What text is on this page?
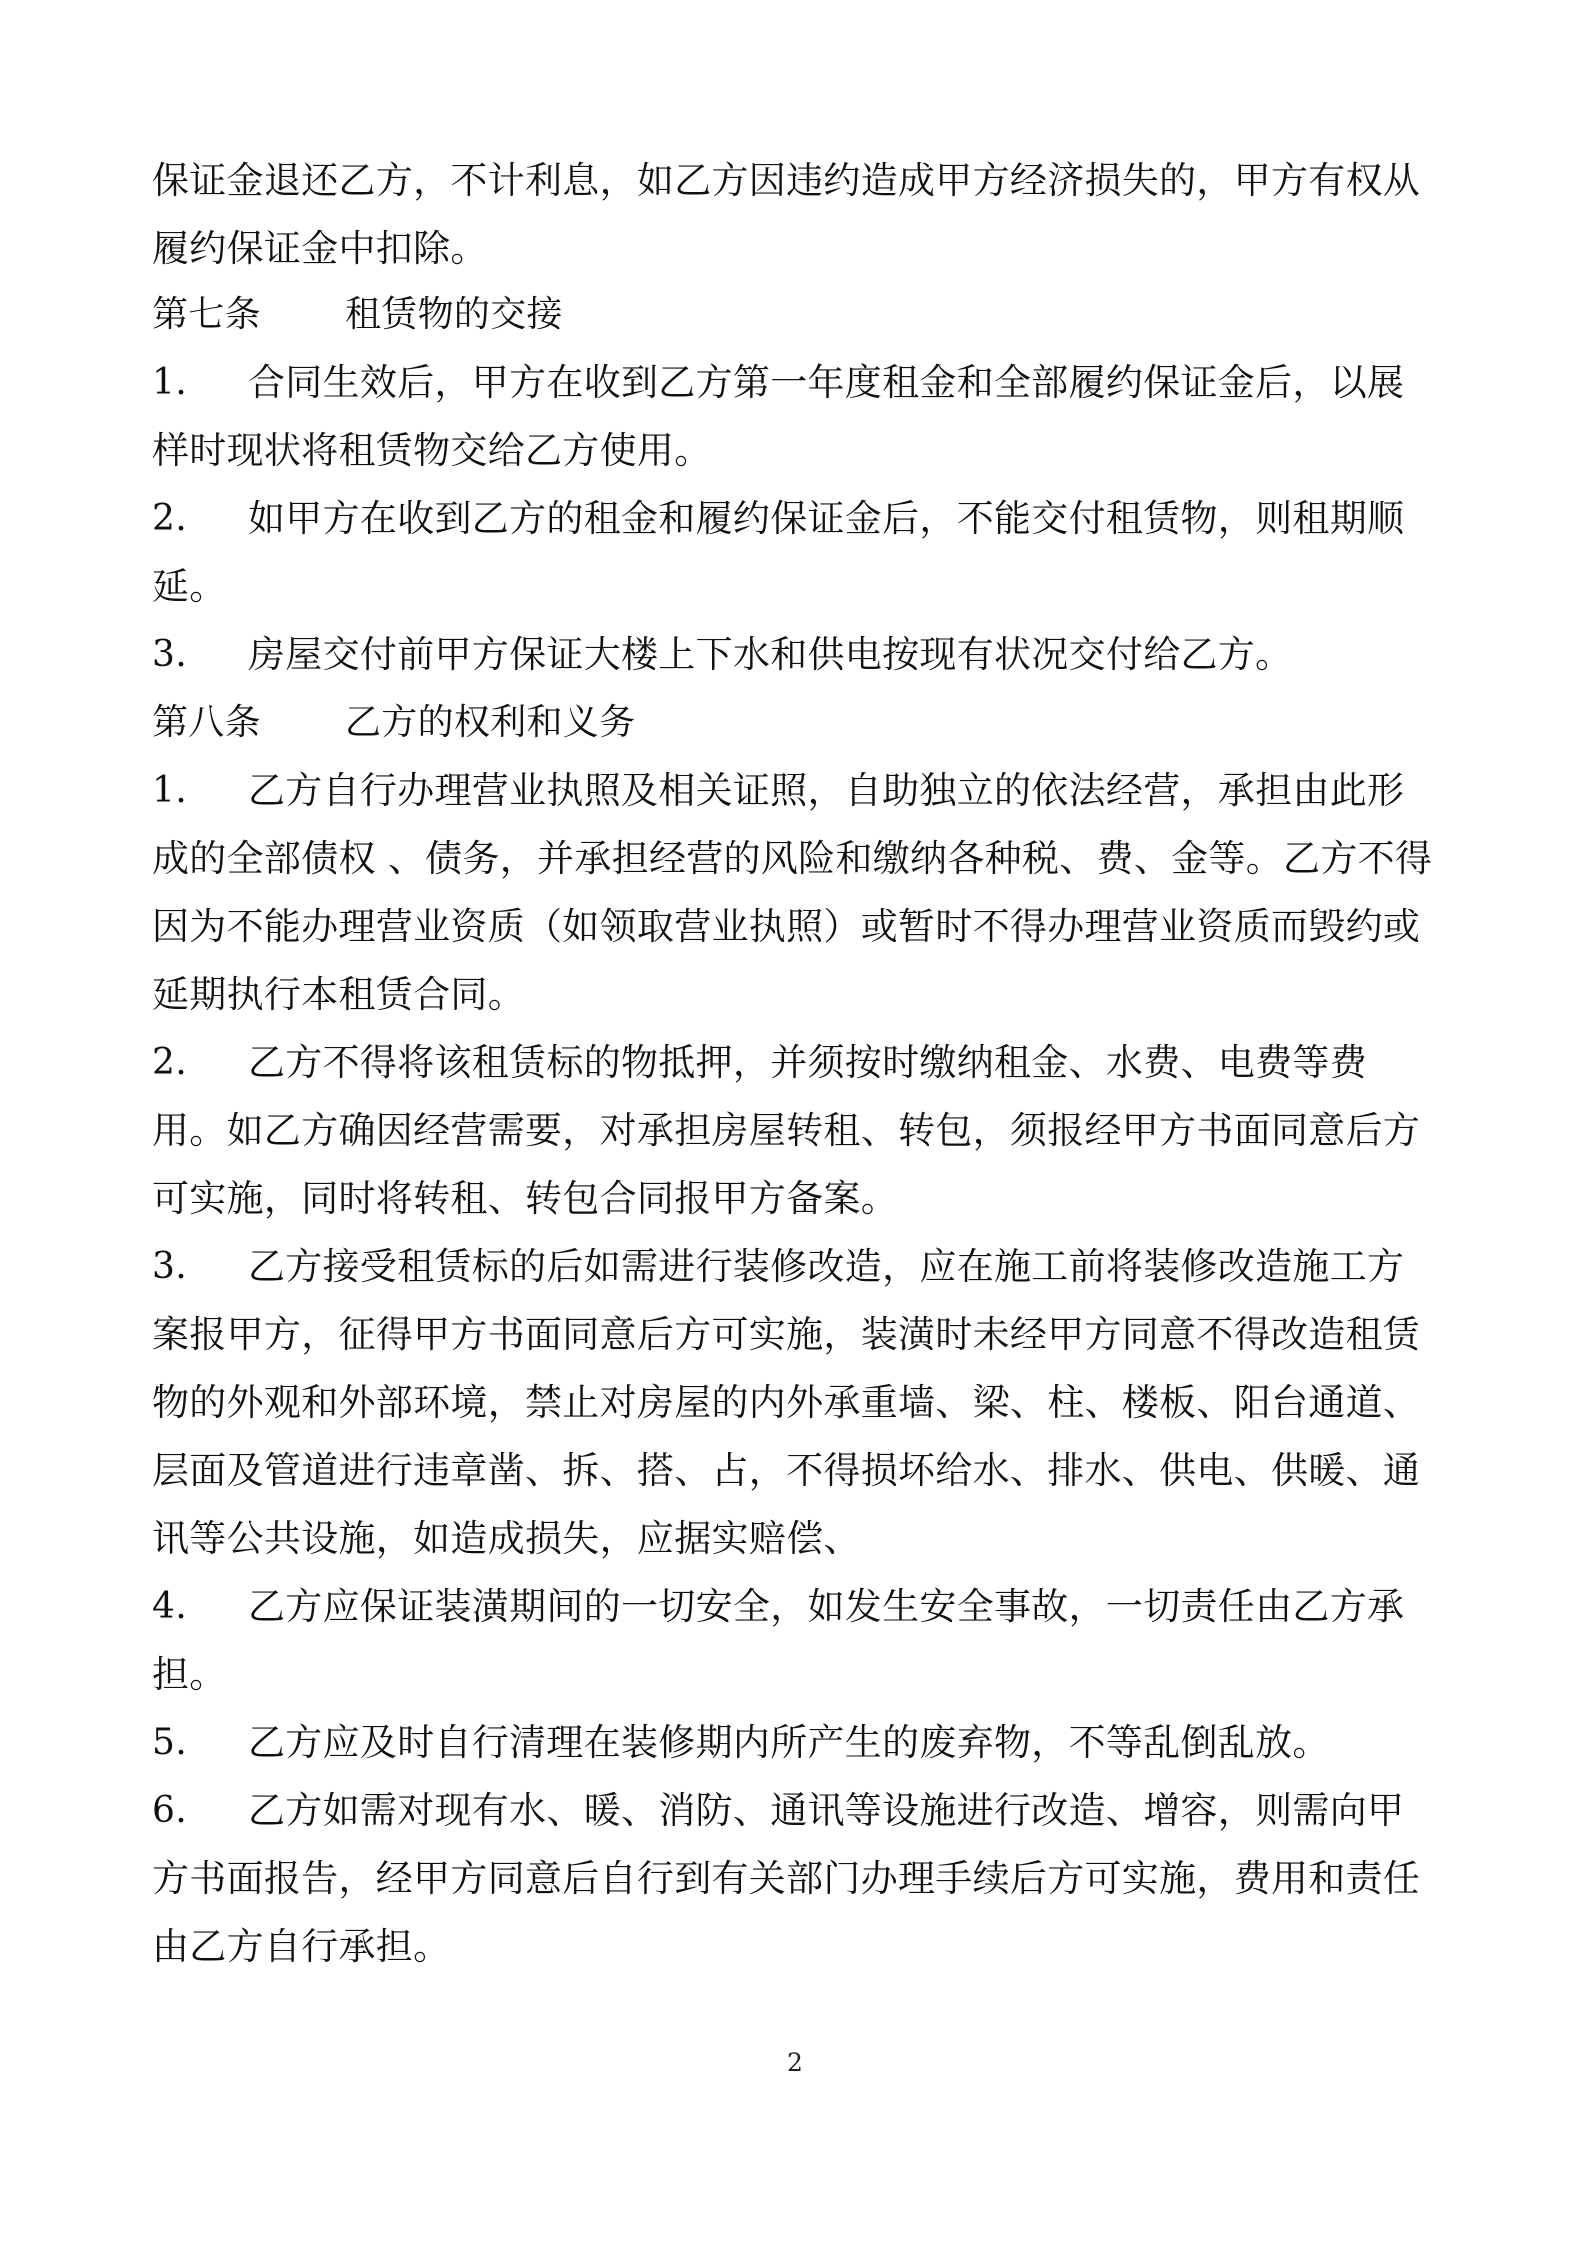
保证金退还乙方，不计利息，如乙方因违约造成甲方经济损失的，甲方有权从
履约保证金中扣除。
第七条 租赁物的交接
1. 合同生效后，甲方在收到乙方第一年度租金和全部履约保证金后，以展
样时现状将租赁物交给乙方使用。
2. 如甲方在收到乙方的租金和履约保证金后，不能交付租赁物，则租期顺
延。
3. 房屋交付前甲方保证大楼上下水和供电按现有状况交付给乙方。
第八条 乙方的权利和义务
1. 乙方自行办理营业执照及相关证照，自助独立的依法经营，承担由此形
成的全部债权 、债务，并承担经营的风险和缴纳各种税、费、金等。乙方不得
因为不能办理营业资质（如领取营业执照）或暂时不得办理营业资质而毁约或
延期执行本租赁合同。
2. 乙方不得将该租赁标的物抵押，并须按时缴纳租金、水费、电费等费
用。如乙方确因经营需要，对承担房屋转租、转包，须报经甲方书面同意后方
可实施，同时将转租、转包合同报甲方备案。
3. 乙方接受租赁标的后如需进行装修改造，应在施工前将装修改造施工方
案报甲方，征得甲方书面同意后方可实施，装潢时未经甲方同意不得改造租赁
物的外观和外部环境，禁止对房屋的内外承重墙、梁、柱、楼板、阳台通道、
层面及管道进行违章凿、拆、搭、占，不得损坏给水、排水、供电、供暖、通
讯等公共设施，如造成损失，应据实赔偿、
4. 乙方应保证装潢期间的一切安全，如发生安全事故，一切责任由乙方承
担。
5. 乙方应及时自行清理在装修期内所产生的废弃物，不等乱倒乱放。
6. 乙方如需对现有水、暖、消防、通讯等设施进行改造、增容，则需向甲
方书面报告，经甲方同意后自行到有关部门办理手续后方可实施，费用和责任
由乙方自行承担。
2
